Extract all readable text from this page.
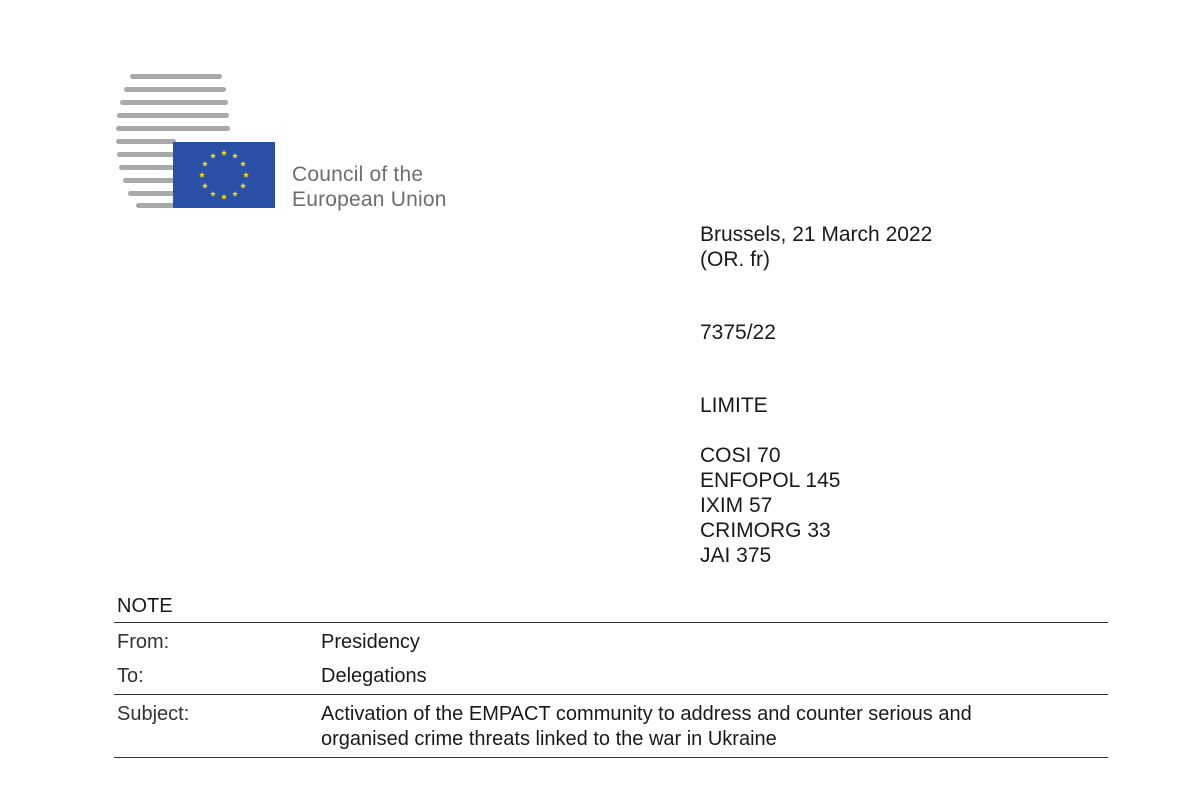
Council of the
European Union
Brussels, 21 March 2022
(OR. fr)
7375/22
LIMITE
COSI 70
ENFOPOL 145
IXIM 57
CRIMORG 33
JAI 375
NOTE
From:	Presidency
To:	Delegations
Subject:	Activation of the EMPACT community to address and counter serious and
organised crime threats linked to the war in Ukraine
